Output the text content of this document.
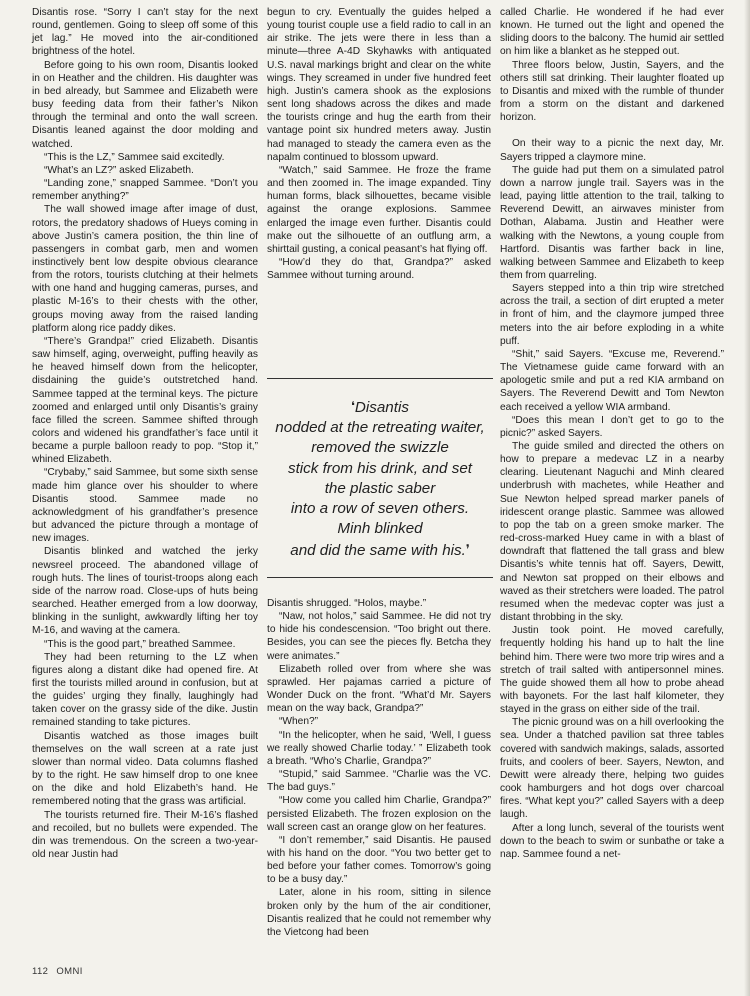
Disantis rose. “Sorry I can’t stay for the next round, gentlemen. Going to sleep off some of this jet lag.” He moved into the air-conditioned brightness of the hotel.

Before going to his own room, Disantis looked in on Heather and the children. His daughter was in bed already, but Sammee and Elizabeth were busy feeding data from their father’s Nikon through the terminal and onto the wall screen. Disantis leaned against the door molding and watched.

“This is the LZ,” Sammee said excitedly.

“What’s an LZ?” asked Elizabeth.

“Landing zone,” snapped Sammee. “Don’t you remember anything?”

The wall showed image after image of dust, rotors, the predatory shadows of Hueys coming in above Justin’s camera position, the thin line of passengers in combat garb, men and women instinctively bent low despite obvious clearance from the rotors, tourists clutching at their helmets with one hand and hugging cameras, purses, and plastic M-16’s to their chests with the other, groups moving away from the raised landing platform along rice paddy dikes.

“There’s Grandpa!” cried Elizabeth. Disantis saw himself, aging, overweight, puffing heavily as he heaved himself down from the helicopter, disdaining the guide’s outstretched hand. Sammee tapped at the terminal keys. The picture zoomed and enlarged until only Disantis’s grainy face filled the screen. Sammee shifted through colors and widened his grandfather’s face until it became a purple balloon ready to pop. “Stop it,” whined Elizabeth.

“Crybaby,” said Sammee, but some sixth sense made him glance over his shoulder to where Disantis stood. Sammee made no acknowledgment of his grandfather’s presence but advanced the picture through a montage of new images.

Disantis blinked and watched the jerky newsreel proceed. The abandoned village of rough huts. The lines of tourist-troops along each side of the narrow road. Close-ups of huts being searched. Heather emerged from a low doorway, blinking in the sunlight, awkwardly lifting her toy M-16, and waving at the camera.

“This is the good part,” breathed Sammee.

They had been returning to the LZ when figures along a distant dike had opened fire. At first the tourists milled around in confusion, but at the guides’ urging they finally, laughingly had taken cover on the grassy side of the dike. Justin remained standing to take pictures.

Disantis watched as those images built themselves on the wall screen at a rate just slower than normal video. Data columns flashed by to the right. He saw himself drop to one knee on the dike and hold Elizabeth’s hand. He remembered noting that the grass was artificial.

The tourists returned fire. Their M-16’s flashed and recoiled, but no bullets were expended. The din was tremendous. On the screen a two-year-old near Justin had

begun to cry. Eventually the guides helped a young tourist couple use a field radio to call in an air strike. The jets were there in less than a minute—three A-4D Skyhawks with antiquated U.S. naval markings bright and clear on the white wings. They screamed in under five hundred feet high. Justin’s camera shook as the explosions sent long shadows across the dikes and made the tourists cringe and hug the earth from their vantage point six hundred meters away. Justin had managed to steady the camera even as the napalm continued to blossom upward.

“Watch,” said Sammee. He froze the frame and then zoomed in. The image expanded. Tiny human forms, black silhouettes, became visible against the orange explosions. Sammee enlarged the image even further. Disantis could make out the silhouette of an outflung arm, a shirttail gusting, a conical peasant’s hat flying off.

“How’d they do that, Grandpa?” asked Sammee without turning around.

❛Disantis
nodded at the retreating waiter,
removed the swizzle
stick from his drink, and set
the plastic saber
into a row of seven others.
Minh blinked
and did the same with his.❜

Disantis shrugged. “Holos, maybe.”

“Naw, not holos,” said Sammee. He did not try to hide his condescension. “Too bright out there. Besides, you can see the pieces fly. Betcha they were animates.”

Elizabeth rolled over from where she was sprawled. Her pajamas carried a picture of Wonder Duck on the front. “What’d Mr. Sayers mean on the way back, Grandpa?”

“When?”

“In the helicopter, when he said, ‘Well, I guess we really showed Charlie today.’ ” Elizabeth took a breath. “Who’s Charlie, Grandpa?”

“Stupid,” said Sammee. “Charlie was the VC. The bad guys.”

“How come you called him Charlie, Grandpa?” persisted Elizabeth. The frozen explosion on the wall screen cast an orange glow on her features.

“I don’t remember,” said Disantis. He paused with his hand on the door. “You two better get to bed before your father comes. Tomorrow’s going to be a busy day.”

Later, alone in his room, sitting in silence broken only by the hum of the air conditioner, Disantis realized that he could not remember why the Vietcong had been

called Charlie. He wondered if he had ever known. He turned out the light and opened the sliding doors to the balcony. The humid air settled on him like a blanket as he stepped out.

Three floors below, Justin, Sayers, and the others still sat drinking. Their laughter floated up to Disantis and mixed with the rumble of thunder from a storm on the distant and darkened horizon.

On their way to a picnic the next day, Mr. Sayers tripped a claymore mine.

The guide had put them on a simulated patrol down a narrow jungle trail. Sayers was in the lead, paying little attention to the trail, talking to Reverend Dewitt, an airwaves minister from Dothan, Alabama. Justin and Heather were walking with the Newtons, a young couple from Hartford. Disantis was farther back in line, walking between Sammee and Elizabeth to keep them from quarreling.

Sayers stepped into a thin trip wire stretched across the trail, a section of dirt erupted a meter in front of him, and the claymore jumped three meters into the air before exploding in a white puff.

“Shit,” said Sayers. “Excuse me, Reverend.” The Vietnamese guide came forward with an apologetic smile and put a red KIA armband on Sayers. The Reverend Dewitt and Tom Newton each received a yellow WIA armband.

“Does this mean I don’t get to go to the picnic?” asked Sayers.

The guide smiled and directed the others on how to prepare a medevac LZ in a nearby clearing. Lieutenant Naguchi and Minh cleared underbrush with machetes, while Heather and Sue Newton helped spread marker panels of iridescent orange plastic. Sammee was allowed to pop the tab on a green smoke marker. The red-cross-marked Huey came in with a blast of downdraft that flattened the tall grass and blew Disantis’s white tennis hat off. Sayers, Dewitt, and Newton sat propped on their elbows and waved as their stretchers were loaded. The patrol resumed when the medevac copter was just a distant throbbing in the sky.

Justin took point. He moved carefully, frequently holding his hand up to halt the line behind him. There were two more trip wires and a stretch of trail salted with antipersonnel mines. The guide showed them all how to probe ahead with bayonets. For the last half kilometer, they stayed in the grass on either side of the trail.

The picnic ground was on a hill overlooking the sea. Under a thatched pavilion sat three tables covered with sandwich makings, salads, assorted fruits, and coolers of beer. Sayers, Newton, and Dewitt were already there, helping two guides cook hamburgers and hot dogs over charcoal fires. “What kept you?” called Sayers with a deep laugh.

After a long lunch, several of the tourists went down to the beach to swim or sunbathe or take a nap. Sammee found a net-

112 OMNI
